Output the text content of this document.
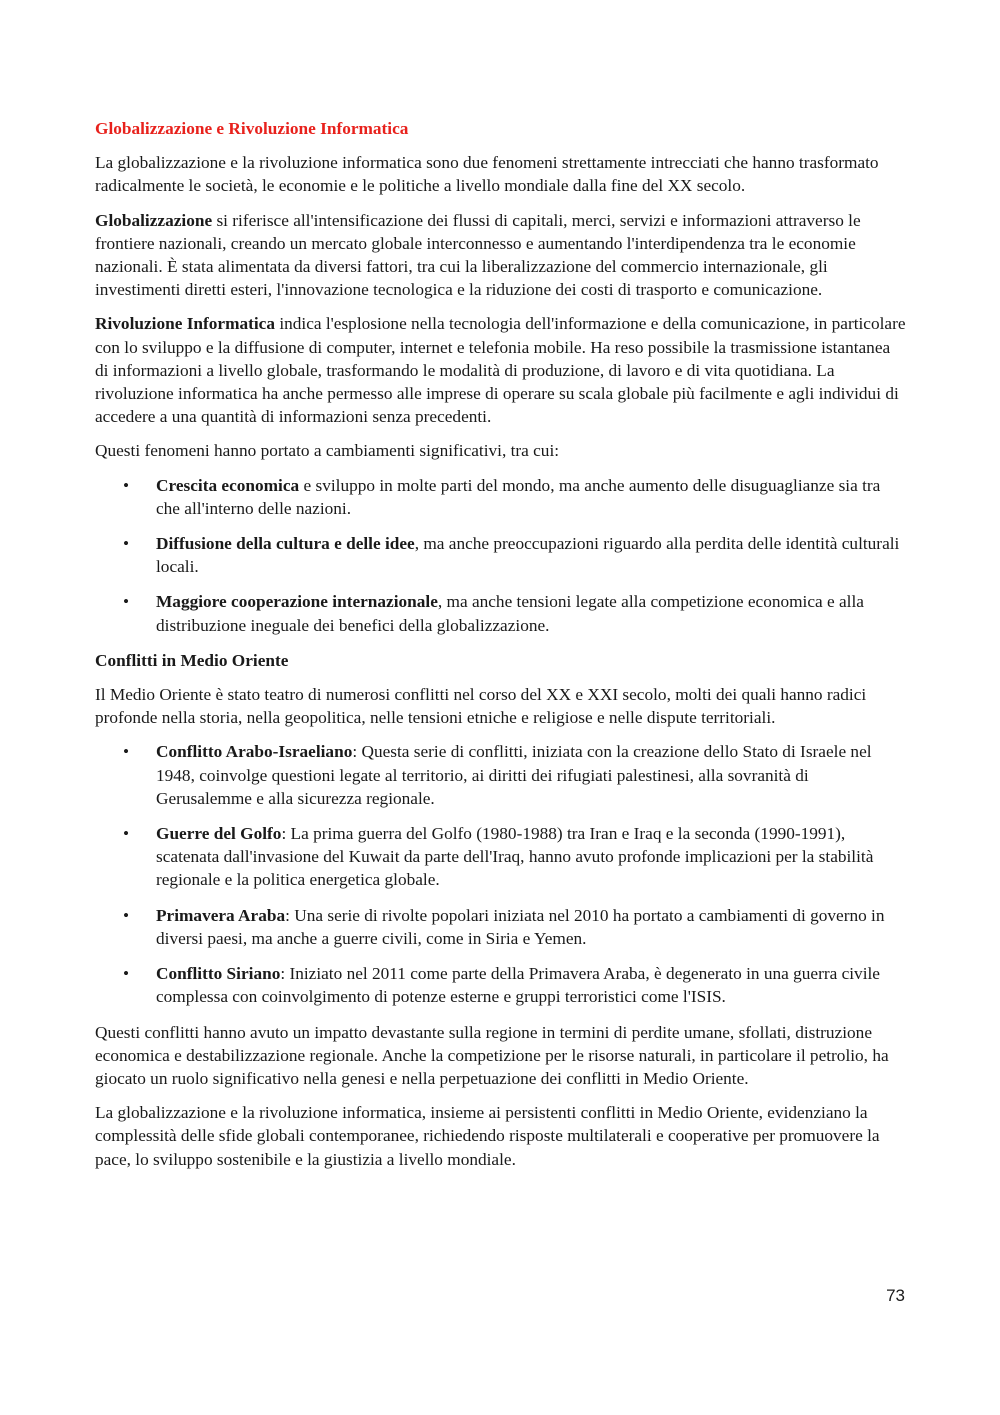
Globalizzazione e Rivoluzione Informatica

La globalizzazione e la rivoluzione informatica sono due fenomeni strettamente intrecciati che hanno trasformato radicalmente le società, le economie e le politiche a livello mondiale dalla fine del XX secolo.

Globalizzazione si riferisce all'intensificazione dei flussi di capitali, merci, servizi e informazioni attraverso le frontiere nazionali, creando un mercato globale interconnesso e aumentando l'interdipendenza tra le economie nazionali. È stata alimentata da diversi fattori, tra cui la liberalizzazione del commercio internazionale, gli investimenti diretti esteri, l'innovazione tecnologica e la riduzione dei costi di trasporto e comunicazione.

Rivoluzione Informatica indica l'esplosione nella tecnologia dell'informazione e della comunicazione, in particolare con lo sviluppo e la diffusione di computer, internet e telefonia mobile. Ha reso possibile la trasmissione istantanea di informazioni a livello globale, trasformando le modalità di produzione, di lavoro e di vita quotidiana. La rivoluzione informatica ha anche permesso alle imprese di operare su scala globale più facilmente e agli individui di accedere a una quantità di informazioni senza precedenti.

Questi fenomeni hanno portato a cambiamenti significativi, tra cui:

• Crescita economica e sviluppo in molte parti del mondo, ma anche aumento delle disuguaglianze sia tra che all'interno delle nazioni.
• Diffusione della cultura e delle idee, ma anche preoccupazioni riguardo alla perdita delle identità culturali locali.
• Maggiore cooperazione internazionale, ma anche tensioni legate alla competizione economica e alla distribuzione ineguale dei benefici della globalizzazione.
Conflitti in Medio Oriente

Il Medio Oriente è stato teatro di numerosi conflitti nel corso del XX e XXI secolo, molti dei quali hanno radici profonde nella storia, nella geopolitica, nelle tensioni etniche e religiose e nelle dispute territoriali.

• Conflitto Arabo-Israeliano: Questa serie di conflitti, iniziata con la creazione dello Stato di Israele nel 1948, coinvolge questioni legate al territorio, ai diritti dei rifugiati palestinesi, alla sovranità di Gerusalemme e alla sicurezza regionale.
• Guerre del Golfo: La prima guerra del Golfo (1980-1988) tra Iran e Iraq e la seconda (1990-1991), scatenata dall'invasione del Kuwait da parte dell'Iraq, hanno avuto profonde implicazioni per la stabilità regionale e la politica energetica globale.
• Primavera Araba: Una serie di rivolte popolari iniziata nel 2010 ha portato a cambiamenti di governo in diversi paesi, ma anche a guerre civili, come in Siria e Yemen.
• Conflitto Siriano: Iniziato nel 2011 come parte della Primavera Araba, è degenerato in una guerra civile complessa con coinvolgimento di potenze esterne e gruppi terroristici come l'ISIS.

Questi conflitti hanno avuto un impatto devastante sulla regione in termini di perdite umane, sfollati, distruzione economica e destabilizzazione regionale. Anche la competizione per le risorse naturali, in particolare il petrolio, ha giocato un ruolo significativo nella genesi e nella perpetuazione dei conflitti in Medio Oriente.

La globalizzazione e la rivoluzione informatica, insieme ai persistenti conflitti in Medio Oriente, evidenziano la complessità delle sfide globali contemporanee, richiedendo risposte multilaterali e cooperative per promuovere la pace, lo sviluppo sostenibile e la giustizia a livello mondiale.

73
